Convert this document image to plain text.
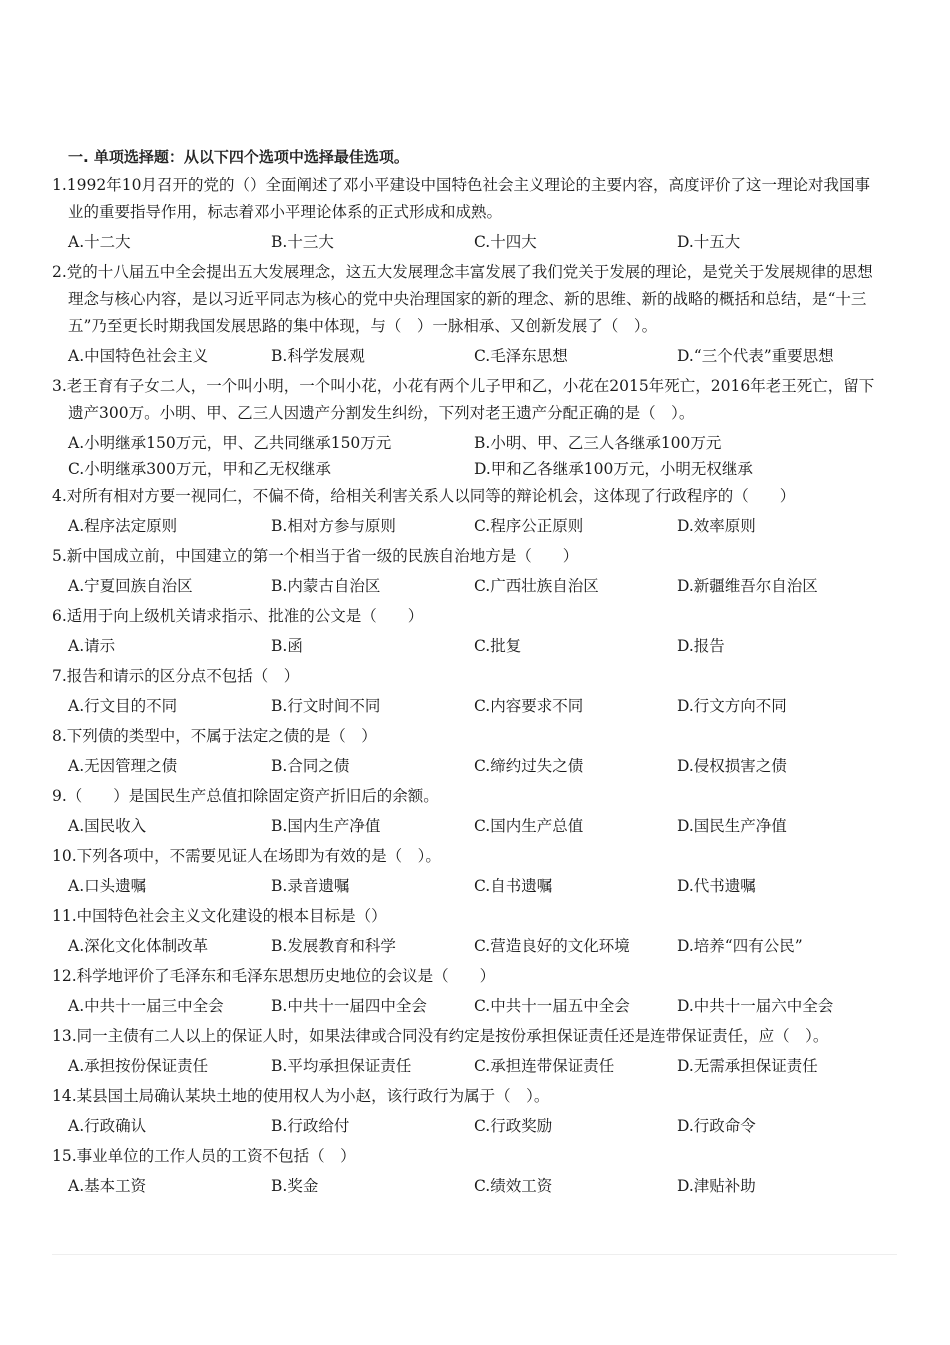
一. 单项选择题：从以下四个选项中选择最佳选项。
1.1992年10月召开的党的（）全面阐述了邓小平建设中国特色社会主义理论的主要内容，高度评价了这一理论对我国事业的重要指导作用，标志着邓小平理论体系的正式形成和成熟。
A.十二大	B.十三大	C.十四大	D.十五大
2.党的十八届五中全会提出五大发展理念，这五大发展理念丰富发展了我们党关于发展的理论，是党关于发展规律的思想理念与核心内容，是以习近平同志为核心的党中央治理国家的新的理念、新的思维、新的战略的概括和总结，是“十三五”乃至更长时期我国发展思路的集中体现，与（　）一脉相承、又创新发展了（　）。
A.中国特色社会主义	B.科学发展观	C.毛泽东思想	D.“三个代表”重要思想
3.老王育有子女二人，一个叫小明，一个叫小花，小花有两个儿子甲和乙，小花在2015年死亡，2016年老王死亡，留下遗产300万。小明、甲、乙三人因遗产分割发生纠纷，下列对老王遗产分配正确的是（　）。
A.小明继承150万元，甲、乙共同继承150万元	B.小明、甲、乙三人各继承100万元
C.小明继承300万元，甲和乙无权继承	D.甲和乙各继承100万元，小明无权继承
4.对所有相对方要一视同仁，不偏不倚，给相关利害关系人以同等的辩论机会，这体现了行政程序的（　　）
A.程序法定原则	B.相对方参与原则	C.程序公正原则	D.效率原则
5.新中国成立前，中国建立的第一个相当于省一级的民族自治地方是（　　）
A.宁夏回族自治区	B.内蒙古自治区	C.广西壮族自治区	D.新疆维吾尔自治区
6.适用于向上级机关请求指示、批准的公文是（　　）
A.请示	B.函	C.批复	D.报告
7.报告和请示的区分点不包括（　）
A.行文目的不同	B.行文时间不同	C.内容要求不同	D.行文方向不同
8.下列债的类型中，不属于法定之债的是（　）
A.无因管理之债	B.合同之债	C.缔约过失之债	D.侵权损害之债
9.（　　）是国民生产总值扣除固定资产折旧后的余额。
A.国民收入	B.国内生产净值	C.国内生产总值	D.国民生产净值
10.下列各项中，不需要见证人在场即为有效的是（　）。
A.口头遗嘱	B.录音遗嘱	C.自书遗嘱	D.代书遗嘱
11.中国特色社会主义文化建设的根本目标是（）
A.深化文化体制改革	B.发展教育和科学	C.营造良好的文化环境	D.培养“四有公民”
12.科学地评价了毛泽东和毛泽东思想历史地位的会议是（　　）
A.中共十一届三中全会	B.中共十一届四中全会	C.中共十一届五中全会	D.中共十一届六中全会
13.同一主债有二人以上的保证人时，如果法律或合同没有约定是按份承担保证责任还是连带保证责任，应（　）。
A.承担按份保证责任	B.平均承担保证责任	C.承担连带保证责任	D.无需承担保证责任
14.某县国土局确认某块土地的使用权人为小赵，该行政行为属于（　）。
A.行政确认	B.行政给付	C.行政奖励	D.行政命令
15.事业单位的工作人员的工资不包括（　）
A.基本工资	B.奖金	C.绩效工资	D.津贴补助
